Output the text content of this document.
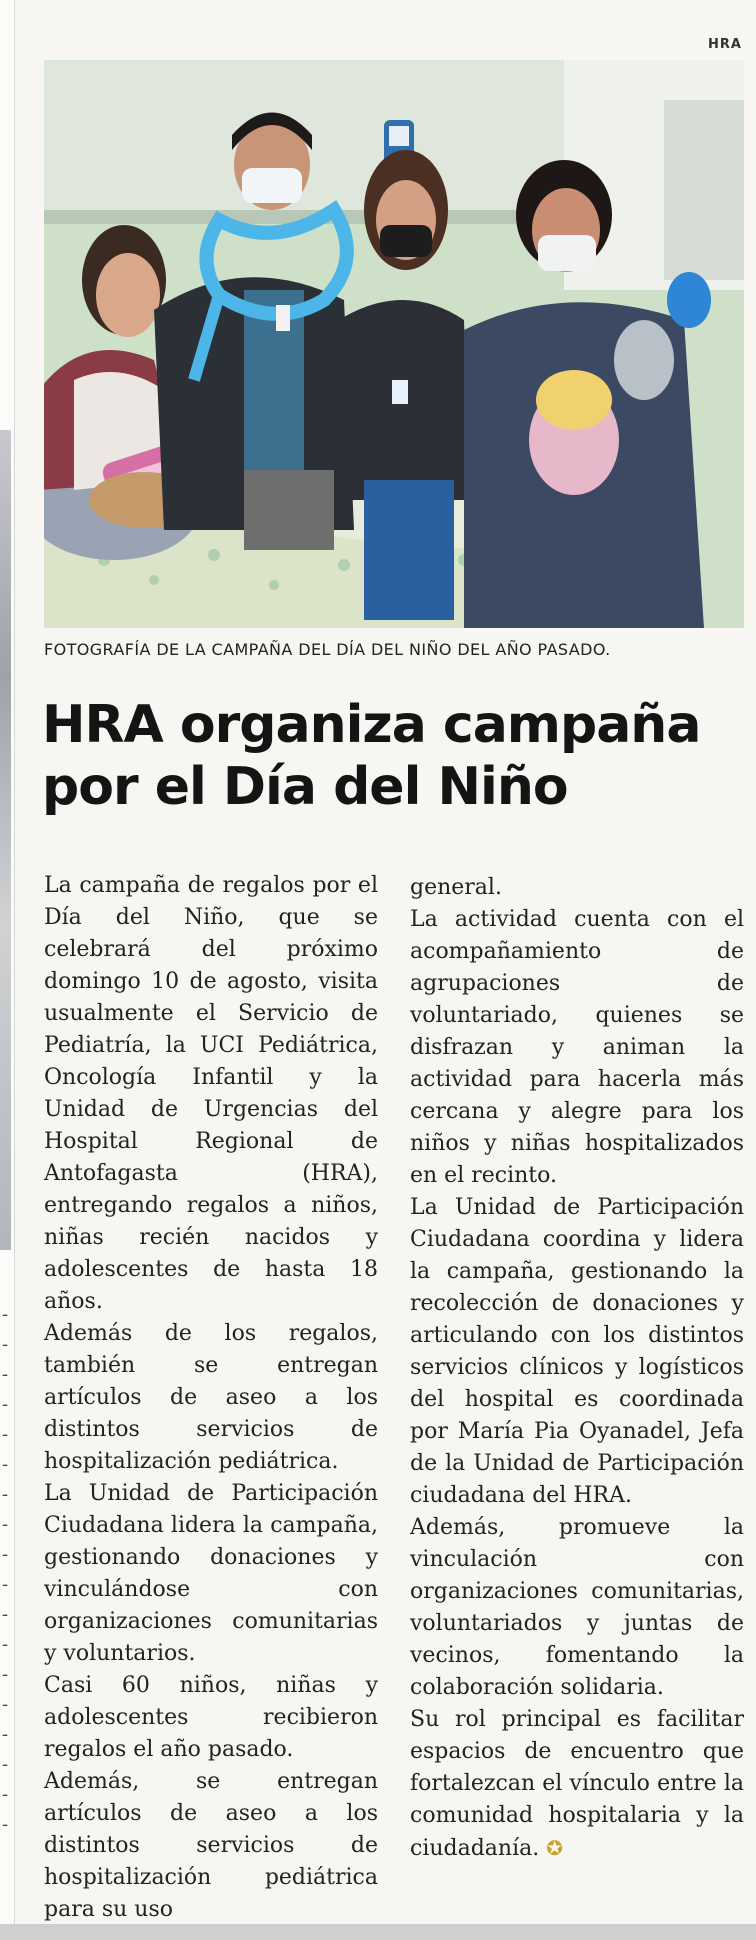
-
-
-
-
-
-
-
-
-
-
-
-
-
-
-
-
-
-
HRA
FOTOGRAFÍA DE LA CAMPAÑA DEL DÍA DEL NIÑO DEL AÑO PASADO.
HRA organiza campaña
por el Día del Niño

La campaña de regalos por el Día del Niño, que se celebrará del próximo domingo 10 de agosto, visita usualmente el Servicio de Pediatría, la UCI Pediátrica, Oncología Infantil y la Unidad de Urgencias del Hospital Regional de Antofagasta (HRA), entregando regalos a niños, niñas recién nacidos y adolescentes de hasta 18 años.

Además de los regalos, también se entregan artículos de aseo a los distintos servicios de hospitalización pediátrica.

La Unidad de Participación Ciudadana lidera la campaña, gestionando donaciones y vinculándose con organizaciones comunitarias y voluntarios.

Casi 60 niños, niñas y adolescentes recibieron regalos el año pasado.

Además, se entregan artículos de aseo a los distintos servicios de hospitalización pediátrica para su uso

general.

La actividad cuenta con el acompañamiento de agrupaciones de voluntariado, quienes se disfrazan y animan la actividad para hacerla más cercana y alegre para los niños y niñas hospitalizados en el recinto.

La Unidad de Participación Ciudadana coordina y lidera la campaña, gestionando la recolección de donaciones y articulando con los distintos servicios clínicos y logísticos del hospital es coordinada por María Pia Oyanadel, Jefa de la Unidad de Participación ciudadana del HRA.

Además, promueve la vinculación con organizaciones comunitarias, voluntariados y juntas de vecinos, fomentando la colaboración solidaria.

Su rol principal es facilitar espacios de encuentro que fortalezcan el vínculo entre la comunidad hospitalaria y la ciudadanía. ✪
